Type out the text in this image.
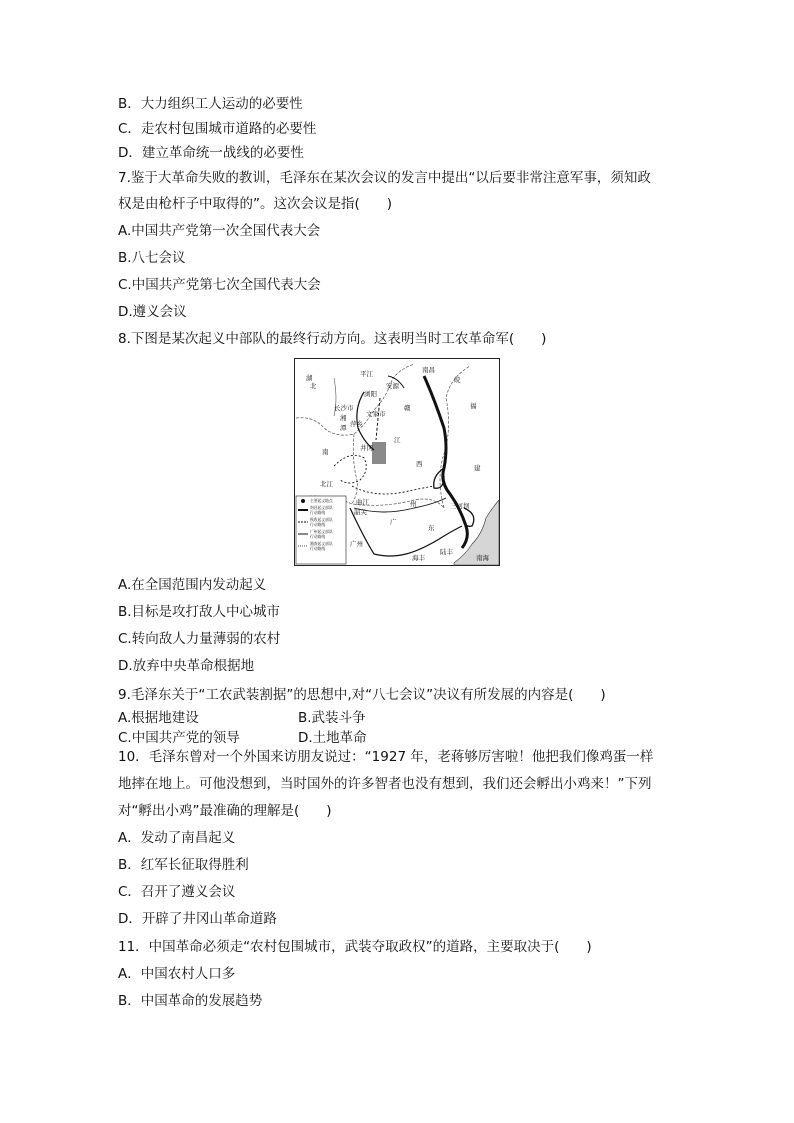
B．大力组织工人运动的必要性
C．走农村包围城市道路的必要性
D．建立革命统一战线的必要性
7.鉴于大革命失败的教训，毛泽东在某次会议的发言中提出“以后要非常注意军事，须知政
权是由枪杆子中取得的”。这次会议是指(　　)
A.中国共产党第一次全国代表大会
B.八七会议
C.中国共产党第七次全国代表大会
D.遵义会议
8.下图是某次起义中部队的最终行动方向。这表明当时工农革命军(　　)
湖
北
平江
浏阳
长沙市
湘
潭
文家市
萍乡
安源
井冈
江
西
赣	福
建
南
州
北江
韶关
曲江
广
东
广州
海丰
陆丰
南海
三河坝
南昌
皖
主要起义地点
南昌起义部队
行动路线
秋收起义部队
行动路线
广州起义部队
行动路线
湘南起义部队
行动路线
A.在全国范围内发动起义
B.目标是攻打敌人中心城市
C.转向敌人力量薄弱的农村
D.放弃中央革命根据地
9.毛泽东关于“工农武装割据”的思想中,对“八七会议”决议有所发展的内容是(　　)
A.根据地建设	B.武装斗争
C.中国共产党的领导	D.土地革命
10．毛泽东曾对一个外国来访朋友说过：“1927 年，老蒋够厉害啦！他把我们像鸡蛋一样
地摔在地上。可他没想到，当时国外的许多智者也没有想到，我们还会孵出小鸡来！”下列
对“孵出小鸡”最准确的理解是(　　)
A．发动了南昌起义
B．红军长征取得胜利
C．召开了遵义会议
D．开辟了井冈山革命道路
11．中国革命必须走“农村包围城市，武装夺取政权”的道路，主要取决于(　　)
A．中国农村人口多
B．中国革命的发展趋势
